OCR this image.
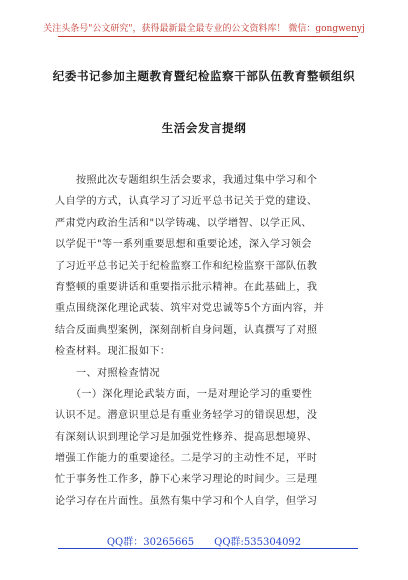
关注头条号"公文研究"，获得最新最全最专业的公文资料库！ 微信：gongwenyj
纪委书记参加主题教育暨纪检监察干部队伍教育整顿组织
生活会发言提纲
　　按照此次专题组织生活会要求，我通过集中学习和个
人自学的方式，认真学习了习近平总书记关于党的建设、
严肃党内政治生活和"以学铸魂、以学增智、以学正风、
以学促干"等一系列重要思想和重要论述，深入学习领会
了习近平总书记关于纪检监察工作和纪检监察干部队伍教
育整顿的重要讲话和重要指示批示精神。在此基础上，我
重点围绕深化理论武装、筑牢对党忠诚等5个方面内容，并
结合反面典型案例，深刻剖析自身问题，认真撰写了对照
检查材料。现汇报如下：
　　一、对照检查情况
　　（一）深化理论武装方面，一是对理论学习的重要性
认识不足。潜意识里总是有重业务轻学习的错误思想，没
有深刻认识到理论学习是加强党性修养、提高思想境界、
增强工作能力的重要途径。二是学习的主动性不足，平时
忙于事务性工作多，静下心来学习理论的时间少。三是理
论学习存在片面性。虽然有集中学习和个人自学，但学习
QQ群：30265665 QQ群:535304092
